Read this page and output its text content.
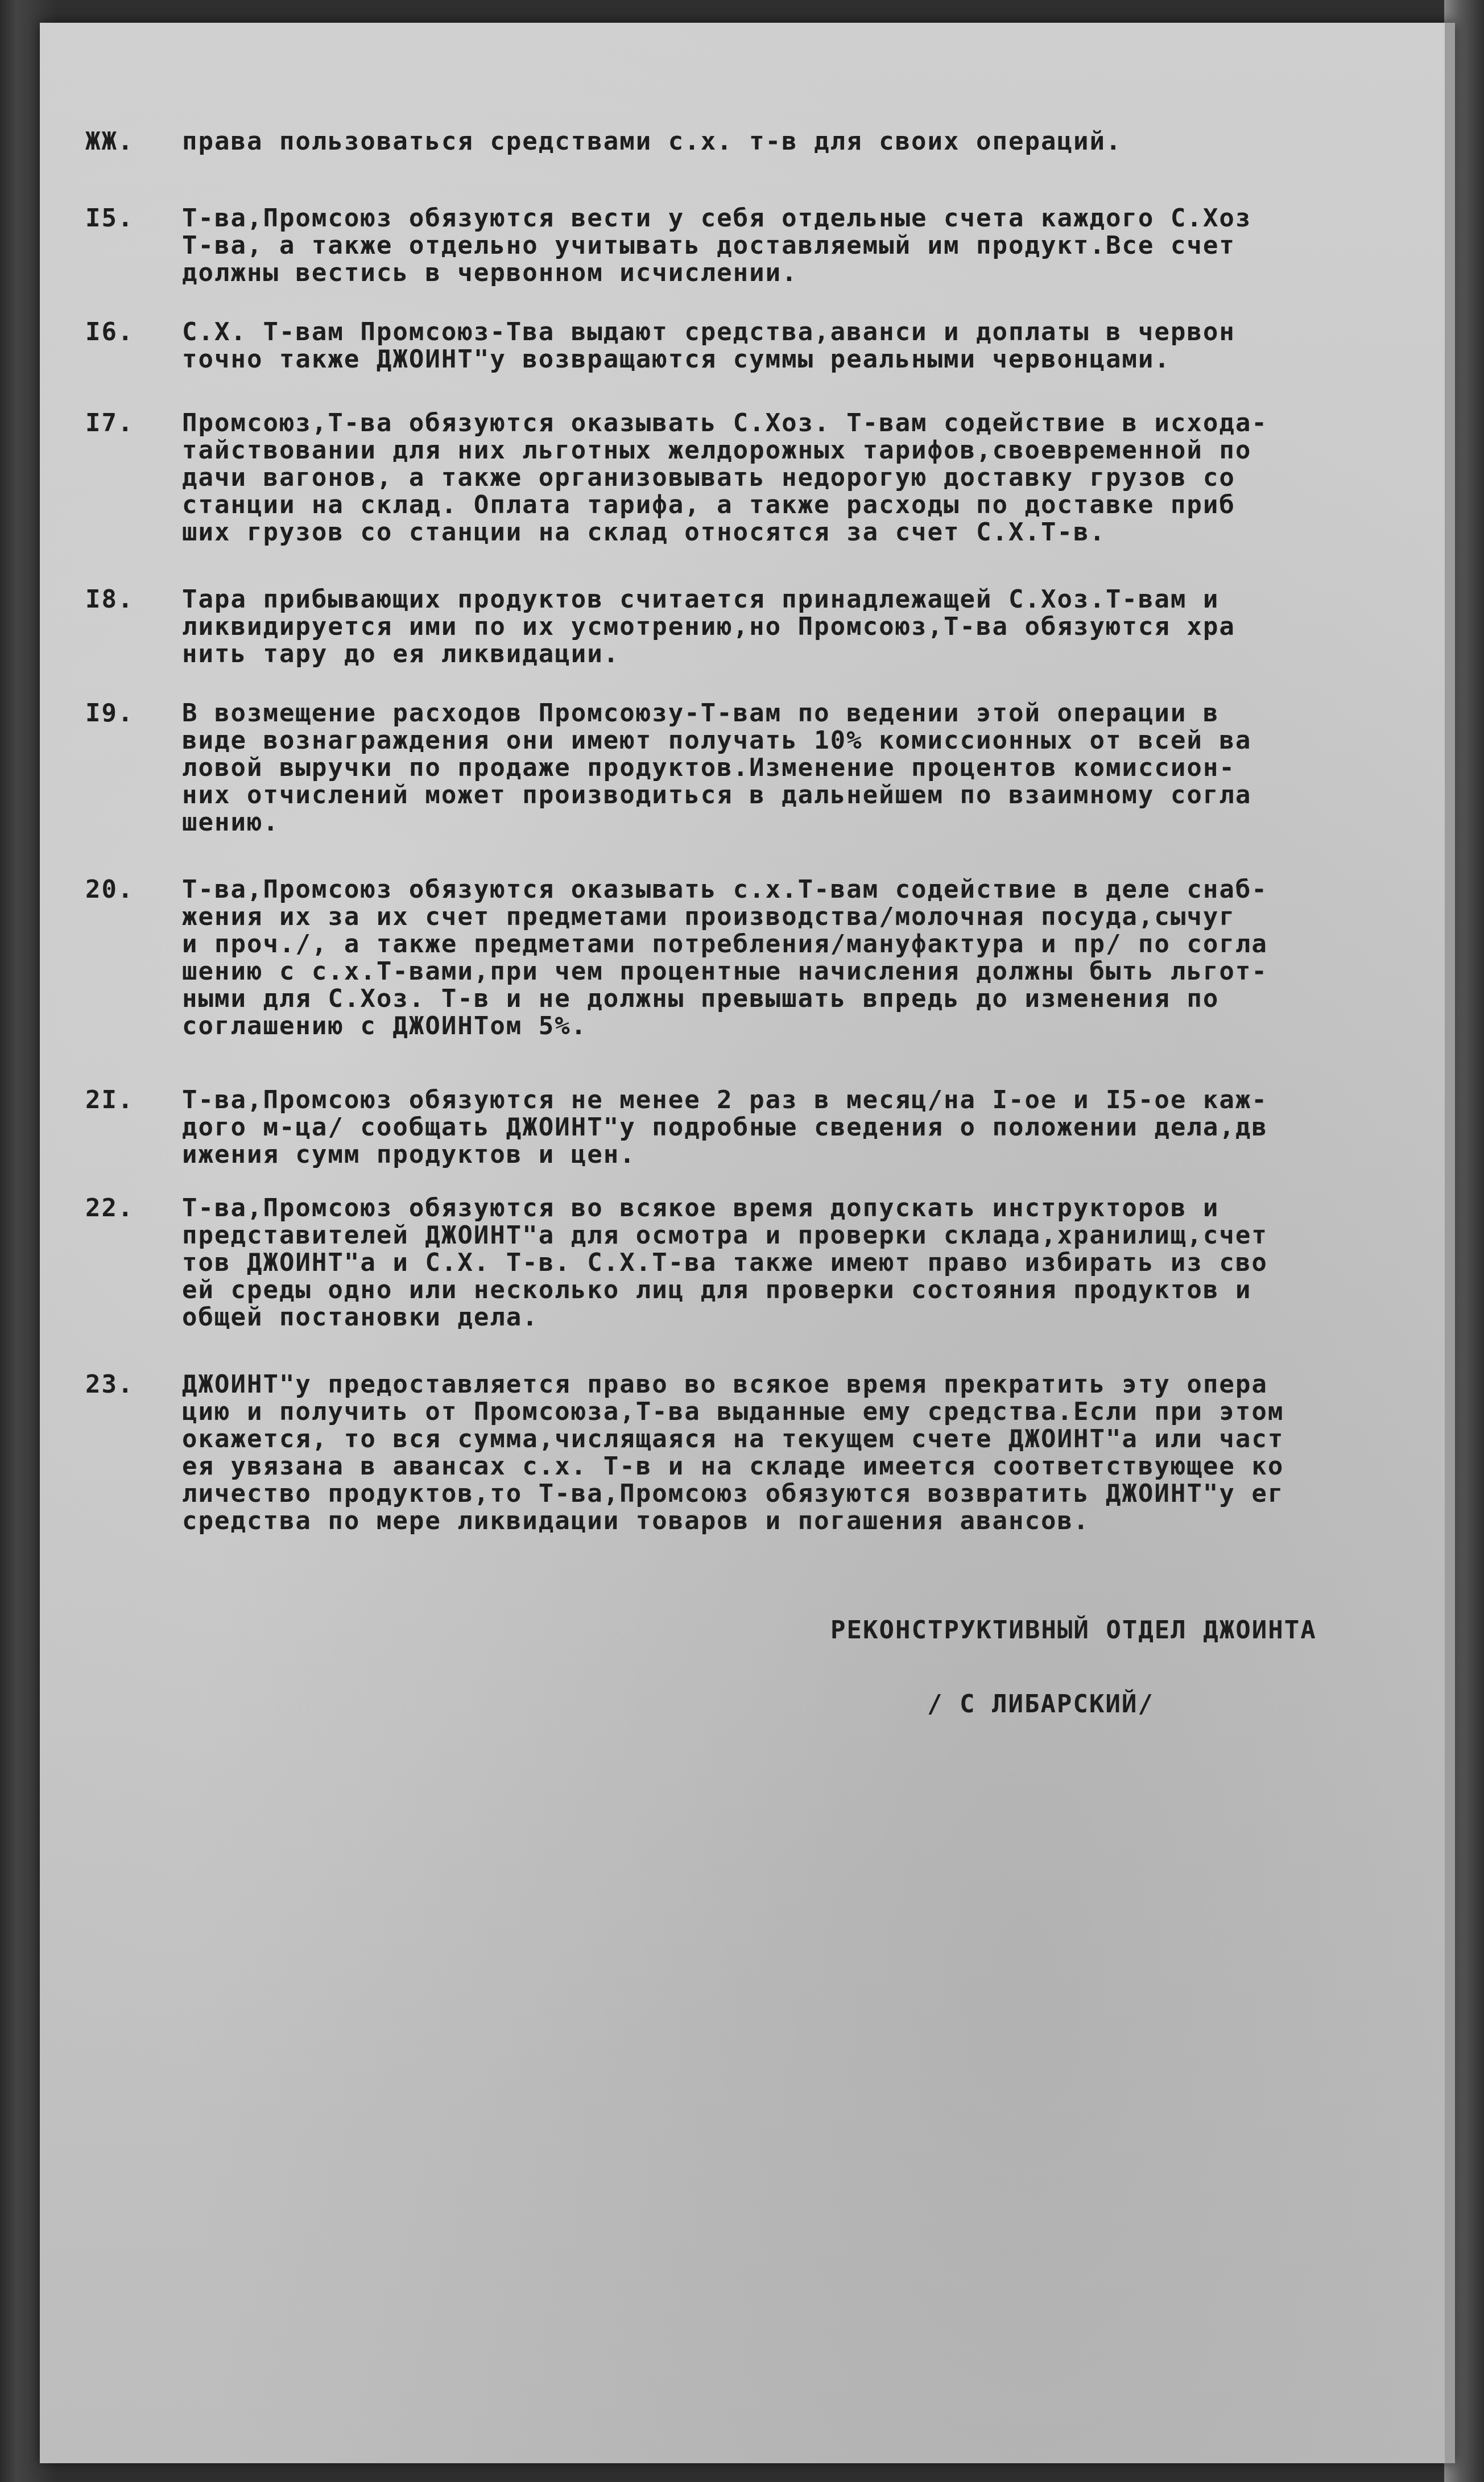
ЖЖ.	права пользоваться средствами с.х. т-в для своих операций.
I5.	Т-ва,Промсоюз обязуются вести у себя отдельные счета каждого С.Хоз
Т-ва, а также отдельно учитывать доставляемый им продукт.Все счет
должны вестись в червонном исчислении.
I6.	С.Х. Т-вам Промсоюз-Тва выдают средства,аванси и доплаты в червон
точно также ДЖОИНТ"у возвращаются суммы реальными червонцами.
I7.	Промсоюз,Т-ва обязуются оказывать С.Хоз. Т-вам содействие в исхода-
тайствовании для них льготных желдорожных тарифов,своевременной по
дачи вагонов, а также организовывать недорогую доставку грузов со
станции на склад. Оплата тарифа, а также расходы по доставке приб
ших грузов со станции на склад относятся за счет С.Х.Т-в.
I8.	Тара прибывающих продуктов считается принадлежащей С.Хоз.Т-вам и
ликвидируется ими по их усмотрению,но Промсоюз,Т-ва обязуются хра
нить тару до ея ликвидации.
I9.	В возмещение расходов Промсоюзу-Т-вам по ведении этой операции в
виде вознаграждения они имеют получать 10% комиссионных от всей ва
ловой выручки по продаже продуктов.Изменение процентов комиссион-
них отчислений может производиться в дальнейшем по взаимному согла
шению.
20.	Т-ва,Промсоюз обязуются оказывать с.х.Т-вам содействие в деле снаб-
жения их за их счет предметами производства/молочная посуда,сычуг
и проч./, а также предметами потребления/мануфактура и пр/ по согла
шению с с.х.Т-вами,при чем процентные начисления должны быть льгот-
ными для С.Хоз. Т-в и не должны превышать впредь до изменения по
соглашению с ДЖОИНТом 5%.
2I.	Т-ва,Промсоюз обязуются не менее 2 раз в месяц/на I-ое и I5-ое каж-
дого м-ца/ сообщать ДЖОИНТ"у подробные сведения о положении дела,дв
ижения сумм продуктов и цен.
22.	Т-ва,Промсоюз обязуются во всякое время допускать инструкторов и
представителей ДЖОИНТ"а для осмотра и проверки склада,хранилищ,счет
тов ДЖОИНТ"а и С.Х. Т-в. С.Х.Т-ва также имеют право избирать из сво
ей среды одно или несколько лиц для проверки состояния продуктов и
общей постановки дела.
23.	ДЖОИНТ"у предоставляется право во всякое время прекратить эту опера
цию и получить от Промсоюза,Т-ва выданные ему средства.Если при этом
окажется, то вся сумма,числящаяся на текущем счете ДЖОИНТ"а или част
ея увязана в авансах с.х. Т-в и на складе имеется соответствующее ко
личество продуктов,то Т-ва,Промсоюз обязуются возвратить ДЖОИНТ"у ег
средства по мере ликвидации товаров и погашения авансов.
РЕКОНСТРУКТИВНЫЙ ОТДЕЛ ДЖОИНТА
/ С ЛИБАРСКИЙ/
